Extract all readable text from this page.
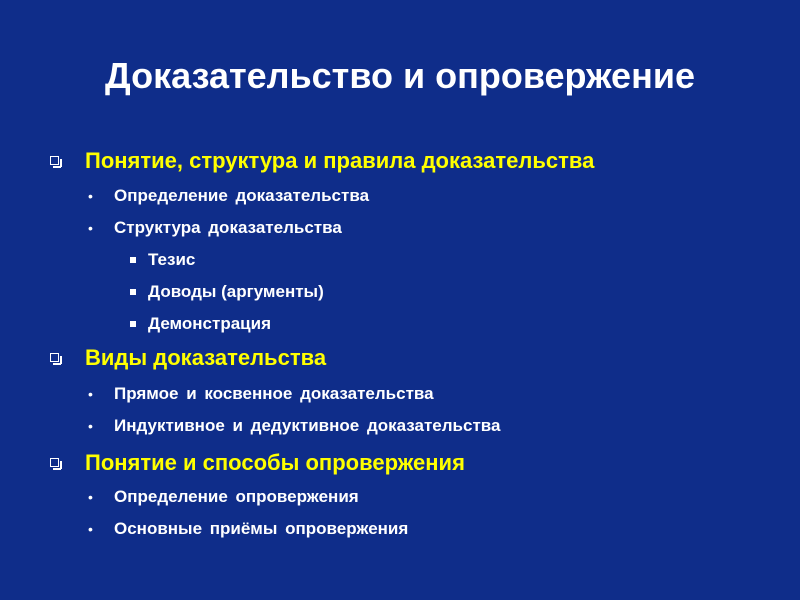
Доказательство и опровержение
Понятие, структура и правила доказательства
• Определение доказательства
• Структура доказательства
Тезис
Доводы (аргументы)
Демонстрация
Виды доказательства
• Прямое и косвенное доказательства
• Индуктивное и дедуктивное доказательства
Понятие и способы опровержения
• Определение опровержения
• Основные приёмы опровержения
